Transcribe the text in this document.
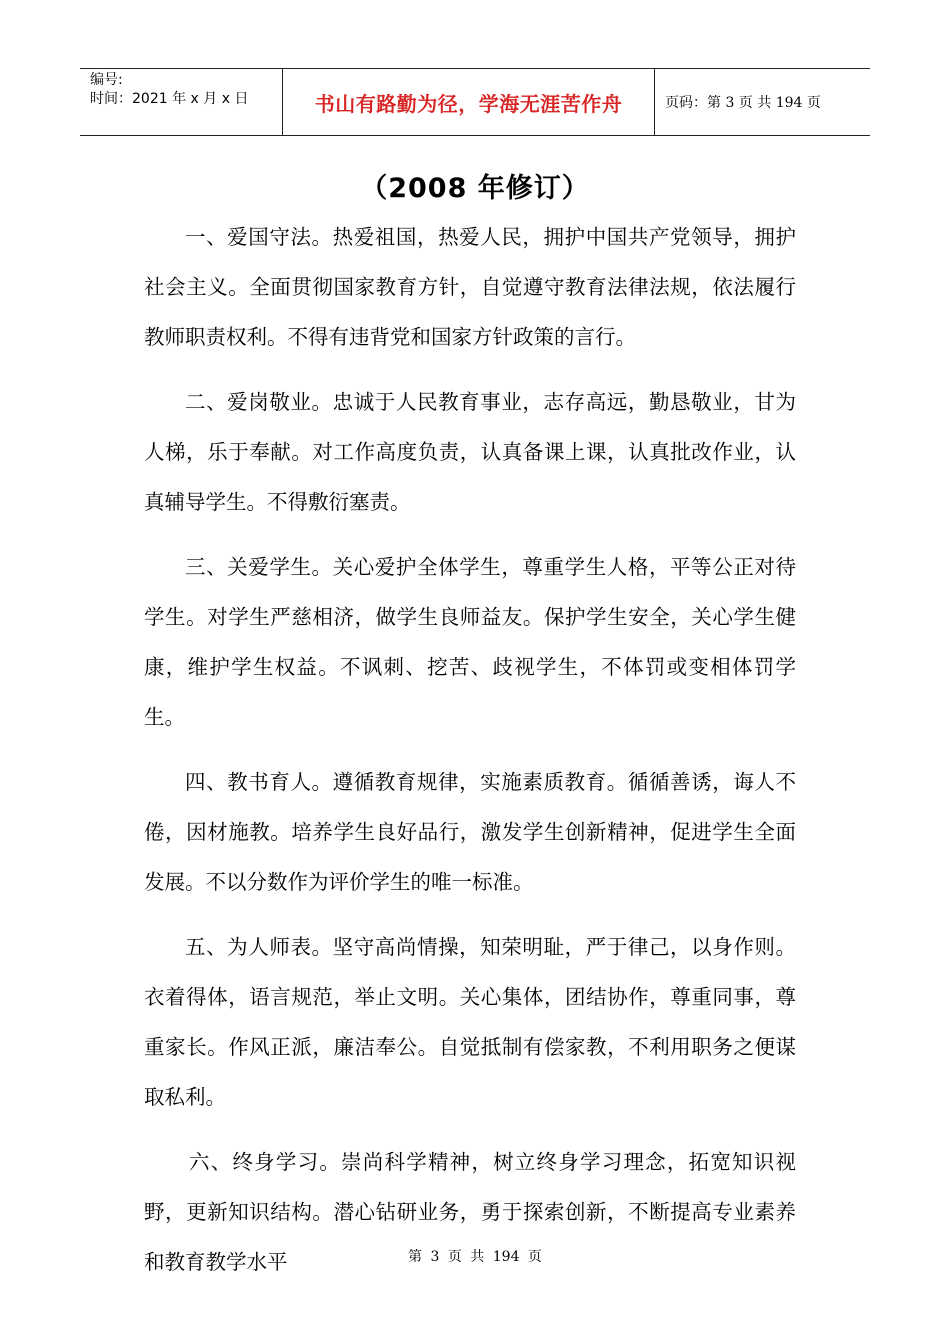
编号:
时间：2021 年 x 月 x 日	书山有路勤为径，学海无涯苦作舟	页码：第 3 页 共 194 页
（2008 年修订）

一、爱国守法。热爱祖国，热爱人民，拥护中国共产党领导，拥护社会主义。全面贯彻国家教育方针，自觉遵守教育法律法规，依法履行教师职责权利。不得有违背党和国家方针政策的言行。

二、爱岗敬业。忠诚于人民教育事业，志存高远，勤恳敬业，甘为人梯，乐于奉献。对工作高度负责，认真备课上课，认真批改作业，认真辅导学生。不得敷衍塞责。

三、关爱学生。关心爱护全体学生，尊重学生人格，平等公正对待学生。对学生严慈相济，做学生良师益友。保护学生安全，关心学生健康，维护学生权益。不讽刺、挖苦、歧视学生，不体罚或变相体罚学生。

四、教书育人。遵循教育规律，实施素质教育。循循善诱，诲人不倦，因材施教。培养学生良好品行，激发学生创新精神，促进学生全面发展。不以分数作为评价学生的唯一标准。

五、为人师表。坚守高尚情操，知荣明耻，严于律己，以身作则。衣着得体，语言规范，举止文明。关心集体，团结协作，尊重同事，尊重家长。作风正派，廉洁奉公。自觉抵制有偿家教，不利用职务之便谋取私利。

六、终身学习。崇尚科学精神，树立终身学习理念，拓宽知识视野，更新知识结构。潜心钻研业务，勇于探索创新，不断提高专业素养和教育教学水平	第 3 页 共 194 页
